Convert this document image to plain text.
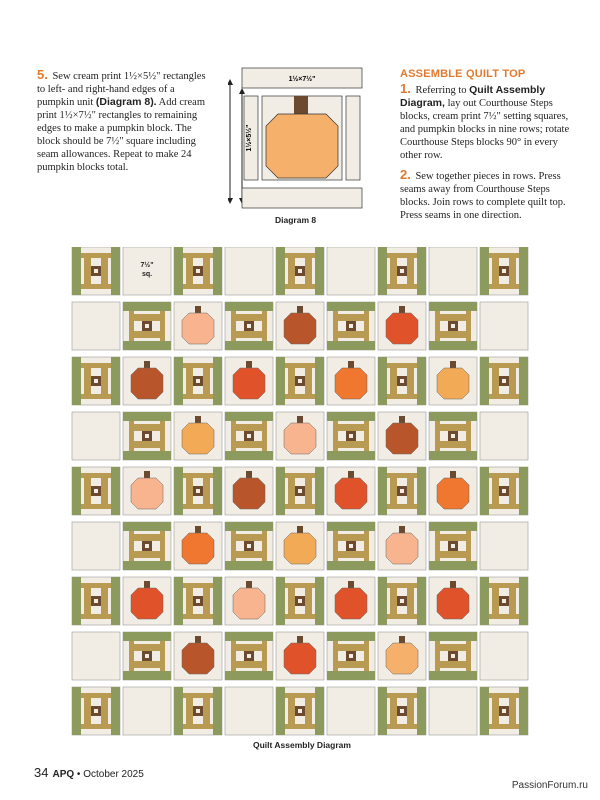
5. Sew cream print 1½×5½" rectangles to left- and right-hand edges of a pumpkin unit (Diagram 8). Add cream print 1½×7½" rectangles to remaining edges to make a pumpkin block. The block should be 7½" square including seam allowances. Repeat to make 24 pumpkin blocks total.
1½×7½"
1½×5½"
Diagram 8
ASSEMBLE QUILT TOP
1. Referring to Quilt Assembly Diagram, lay out Courthouse Steps blocks, cream print 7½" setting squares, and pumpkin blocks in nine rows; rotate Courthouse Steps blocks 90° in every other row.
2. Sew together pieces in rows. Press seams away from Courthouse Steps blocks. Join rows to complete quilt top. Press seams in one direction.
7½"
sq.
Quilt Assembly Diagram
34 APQ • October 2025
PassionForum.ru
